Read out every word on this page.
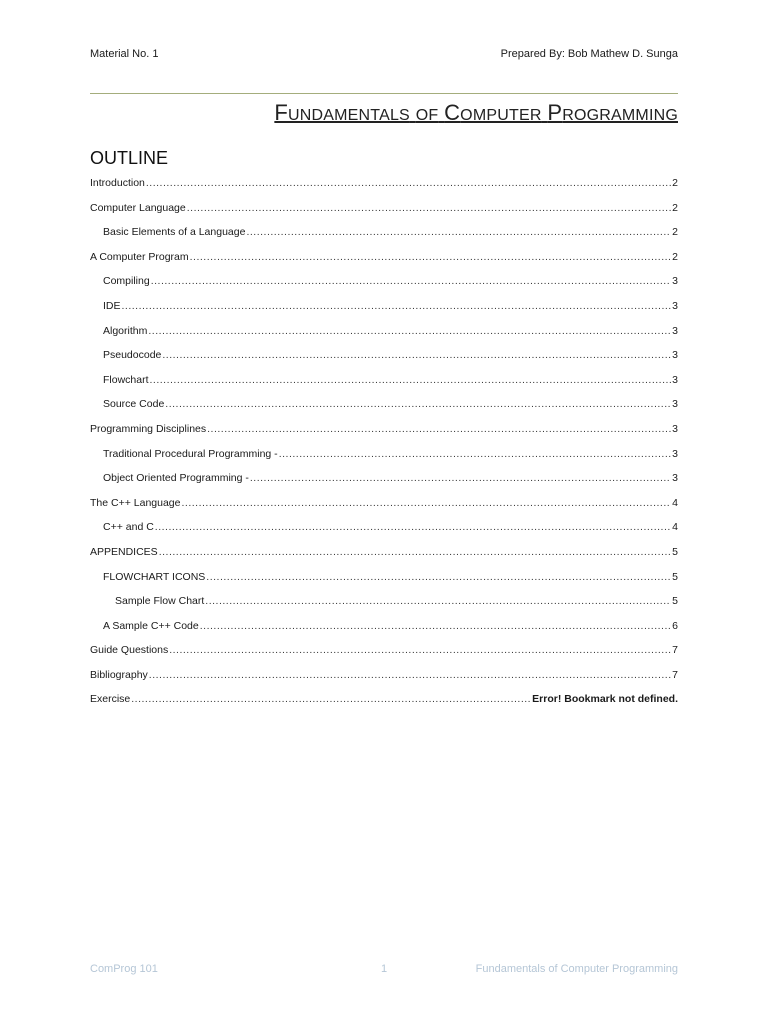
Material No. 1	Prepared By: Bob Mathew D. Sunga
FUNDAMENTALS OF COMPUTER PROGRAMMING
OUTLINE
Introduction .....	2
Computer Language .....	2
Basic Elements of a Language .....	2
A Computer Program .....	2
Compiling .....	3
IDE .....	3
Algorithm .....	3
Pseudocode .....	3
Flowchart .....	3
Source Code .....	3
Programming Disciplines .....	3
Traditional Procedural Programming - .....	3
Object Oriented Programming - .....	3
The C++ Language .....	4
C++ and C .....	4
APPENDICES .....	5
FLOWCHART ICONS .....	5
Sample Flow Chart .....	5
A Sample C++ Code .....	6
Guide Questions .....	7
Bibliography .....	7
Exercise .....	Error! Bookmark not defined.
ComProg 101	1	Fundamentals of Computer Programming
